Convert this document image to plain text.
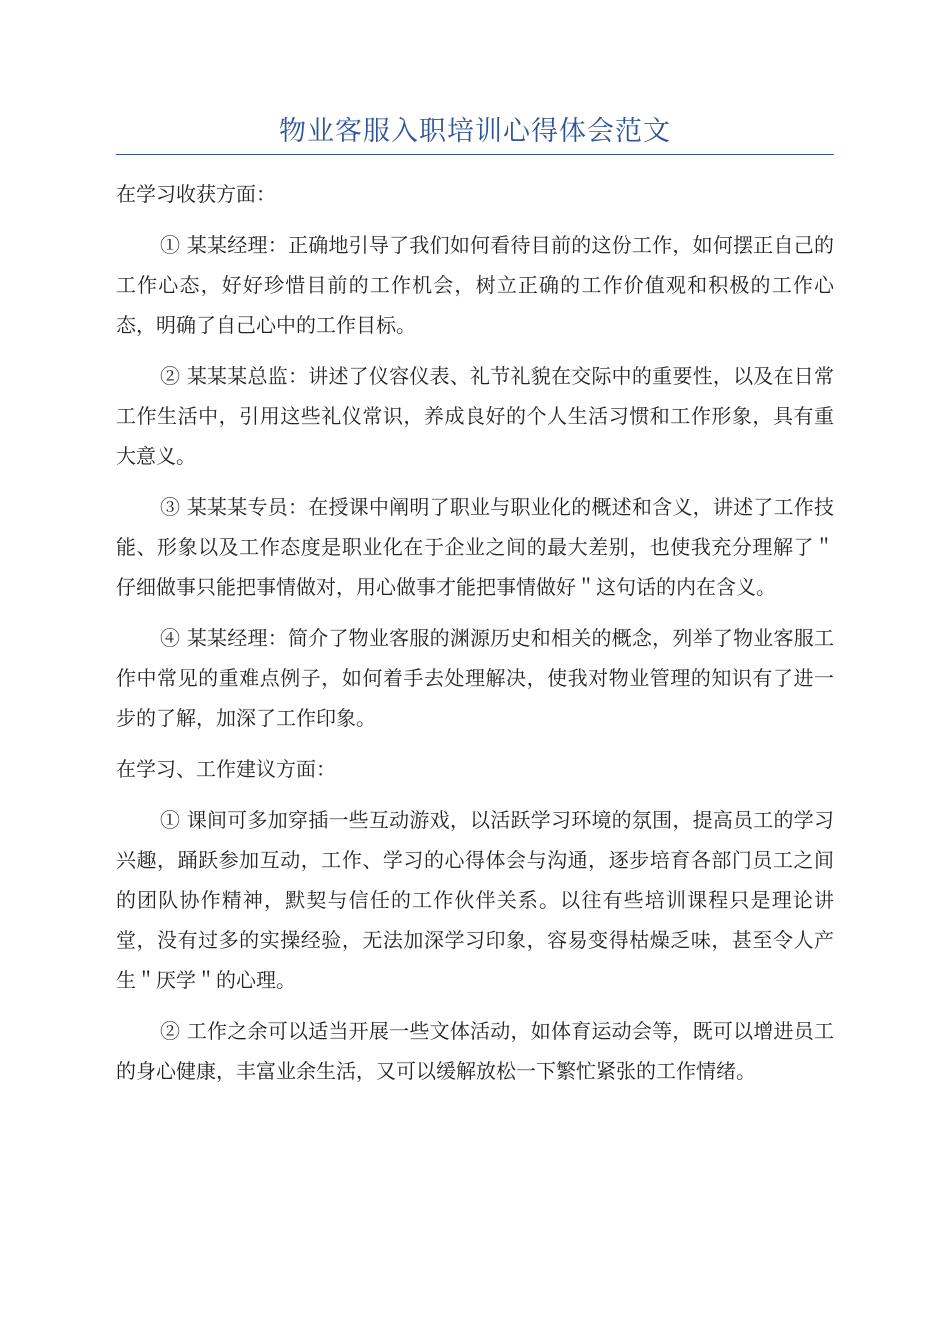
物业客服入职培训心得体会范文

在学习收获方面：

① 某某经理：正确地引导了我们如何看待目前的这份工作，如何摆正自己的工作心态，好好珍惜目前的工作机会，树立正确的工作价值观和积极的工作心态，明确了自己心中的工作目标。

② 某某某总监：讲述了仪容仪表、礼节礼貌在交际中的重要性，以及在日常工作生活中，引用这些礼仪常识，养成良好的个人生活习惯和工作形象，具有重大意义。

③ 某某某专员：在授课中阐明了职业与职业化的概述和含义，讲述了工作技能、形象以及工作态度是职业化在于企业之间的最大差别，也使我充分理解了＂仔细做事只能把事情做对，用心做事才能把事情做好＂这句话的内在含义。

④ 某某经理：简介了物业客服的渊源历史和相关的概念，列举了物业客服工作中常见的重难点例子，如何着手去处理解决，使我对物业管理的知识有了进一步的了解，加深了工作印象。

在学习、工作建议方面：

① 课间可多加穿插一些互动游戏，以活跃学习环境的氛围，提高员工的学习兴趣，踊跃参加互动，工作、学习的心得体会与沟通，逐步培育各部门员工之间的团队协作精神，默契与信任的工作伙伴关系。以往有些培训课程只是理论讲堂，没有过多的实操经验，无法加深学习印象，容易变得枯燥乏味，甚至令人产生＂厌学＂的心理。

② 工作之余可以适当开展一些文体活动，如体育运动会等，既可以增进员工的身心健康，丰富业余生活，又可以缓解放松一下繁忙紧张的工作情绪。
